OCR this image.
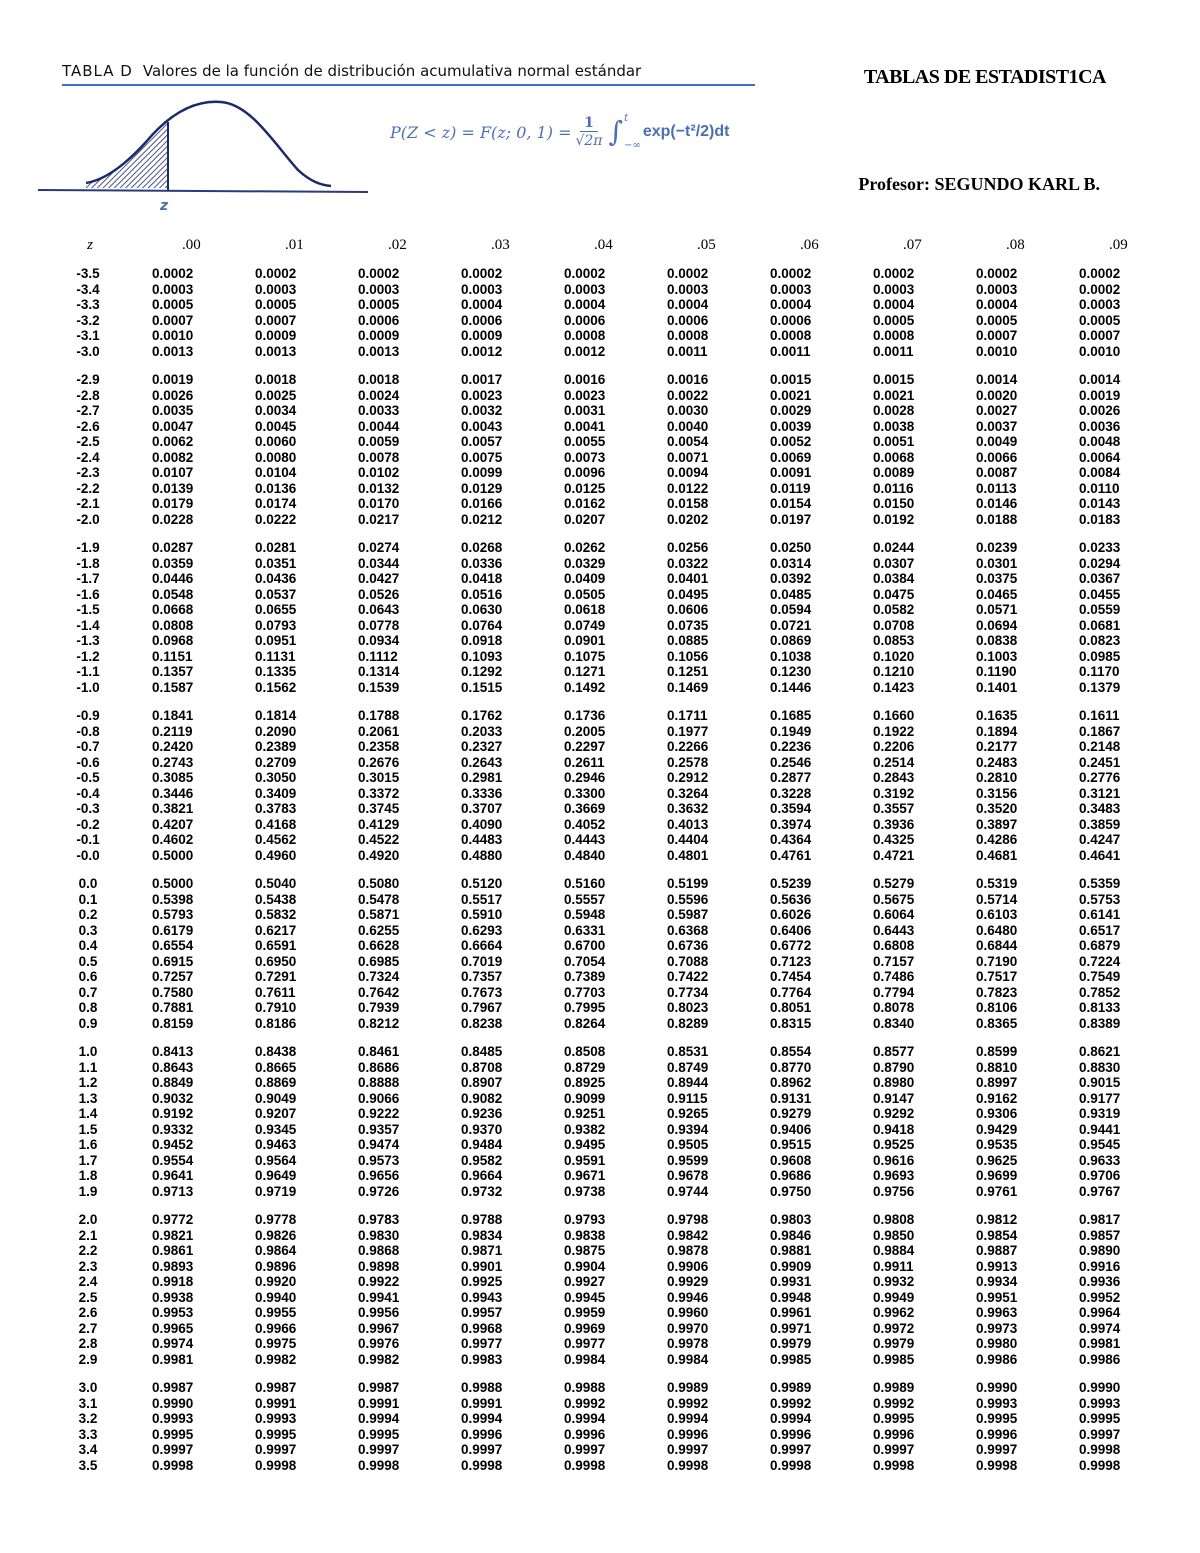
TABLA D Valores de la función de distribución acumulativa normal estándar	TABLAS DE ESTADIST1CA
z
P(Z < z) = F(z; 0, $1) = \frac{1}{√2\pi}$ ∫ t
−∞
exp(−t²/2)dt
Profesor: SEGUNDO KARL B.
z	.00	.01	.02	.03	.04	.05	.06	.07	.08	.09

-3.5	0.0002	0.0002	0.0002	0.0002	0.0002	0.0002	0.0002	0.0002	0.0002	0.0002
-3.4	0.0003	0.0003	0.0003	0.0003	0.0003	0.0003	0.0003	0.0003	0.0003	0.0002
-3.3	0.0005	0.0005	0.0005	0.0004	0.0004	0.0004	0.0004	0.0004	0.0004	0.0003
-3.2	0.0007	0.0007	0.0006	0.0006	0.0006	0.0006	0.0006	0.0005	0.0005	0.0005
-3.1	0.0010	0.0009	0.0009	0.0009	0.0008	0.0008	0.0008	0.0008	0.0007	0.0007
-3.0	0.0013	0.0013	0.0013	0.0012	0.0012	0.0011	0.0011	0.0011	0.0010	0.0010
-2.9	0.0019	0.0018	0.0018	0.0017	0.0016	0.0016	0.0015	0.0015	0.0014	0.0014
-2.8	0.0026	0.0025	0.0024	0.0023	0.0023	0.0022	0.0021	0.0021	0.0020	0.0019
-2.7	0.0035	0.0034	0.0033	0.0032	0.0031	0.0030	0.0029	0.0028	0.0027	0.0026
-2.6	0.0047	0.0045	0.0044	0.0043	0.0041	0.0040	0.0039	0.0038	0.0037	0.0036
-2.5	0.0062	0.0060	0.0059	0.0057	0.0055	0.0054	0.0052	0.0051	0.0049	0.0048
-2.4	0.0082	0.0080	0.0078	0.0075	0.0073	0.0071	0.0069	0.0068	0.0066	0.0064
-2.3	0.0107	0.0104	0.0102	0.0099	0.0096	0.0094	0.0091	0.0089	0.0087	0.0084
-2.2	0.0139	0.0136	0.0132	0.0129	0.0125	0.0122	0.0119	0.0116	0.0113	0.0110
-2.1	0.0179	0.0174	0.0170	0.0166	0.0162	0.0158	0.0154	0.0150	0.0146	0.0143
-2.0	0.0228	0.0222	0.0217	0.0212	0.0207	0.0202	0.0197	0.0192	0.0188	0.0183
-1.9	0.0287	0.0281	0.0274	0.0268	0.0262	0.0256	0.0250	0.0244	0.0239	0.0233
-1.8	0.0359	0.0351	0.0344	0.0336	0.0329	0.0322	0.0314	0.0307	0.0301	0.0294
-1.7	0.0446	0.0436	0.0427	0.0418	0.0409	0.0401	0.0392	0.0384	0.0375	0.0367
-1.6	0.0548	0.0537	0.0526	0.0516	0.0505	0.0495	0.0485	0.0475	0.0465	0.0455
-1.5	0.0668	0.0655	0.0643	0.0630	0.0618	0.0606	0.0594	0.0582	0.0571	0.0559
-1.4	0.0808	0.0793	0.0778	0.0764	0.0749	0.0735	0.0721	0.0708	0.0694	0.0681
-1.3	0.0968	0.0951	0.0934	0.0918	0.0901	0.0885	0.0869	0.0853	0.0838	0.0823
-1.2	0.1151	0.1131	0.1112	0.1093	0.1075	0.1056	0.1038	0.1020	0.1003	0.0985
-1.1	0.1357	0.1335	0.1314	0.1292	0.1271	0.1251	0.1230	0.1210	0.1190	0.1170
-1.0	0.1587	0.1562	0.1539	0.1515	0.1492	0.1469	0.1446	0.1423	0.1401	0.1379
-0.9	0.1841	0.1814	0.1788	0.1762	0.1736	0.1711	0.1685	0.1660	0.1635	0.1611
-0.8	0.2119	0.2090	0.2061	0.2033	0.2005	0.1977	0.1949	0.1922	0.1894	0.1867
-0.7	0.2420	0.2389	0.2358	0.2327	0.2297	0.2266	0.2236	0.2206	0.2177	0.2148
-0.6	0.2743	0.2709	0.2676	0.2643	0.2611	0.2578	0.2546	0.2514	0.2483	0.2451
-0.5	0.3085	0.3050	0.3015	0.2981	0.2946	0.2912	0.2877	0.2843	0.2810	0.2776
-0.4	0.3446	0.3409	0.3372	0.3336	0.3300	0.3264	0.3228	0.3192	0.3156	0.3121
-0.3	0.3821	0.3783	0.3745	0.3707	0.3669	0.3632	0.3594	0.3557	0.3520	0.3483
-0.2	0.4207	0.4168	0.4129	0.4090	0.4052	0.4013	0.3974	0.3936	0.3897	0.3859
-0.1	0.4602	0.4562	0.4522	0.4483	0.4443	0.4404	0.4364	0.4325	0.4286	0.4247
-0.0	0.5000	0.4960	0.4920	0.4880	0.4840	0.4801	0.4761	0.4721	0.4681	0.4641
0.0	0.5000	0.5040	0.5080	0.5120	0.5160	0.5199	0.5239	0.5279	0.5319	0.5359
0.1	0.5398	0.5438	0.5478	0.5517	0.5557	0.5596	0.5636	0.5675	0.5714	0.5753
0.2	0.5793	0.5832	0.5871	0.5910	0.5948	0.5987	0.6026	0.6064	0.6103	0.6141
0.3	0.6179	0.6217	0.6255	0.6293	0.6331	0.6368	0.6406	0.6443	0.6480	0.6517
0.4	0.6554	0.6591	0.6628	0.6664	0.6700	0.6736	0.6772	0.6808	0.6844	0.6879
0.5	0.6915	0.6950	0.6985	0.7019	0.7054	0.7088	0.7123	0.7157	0.7190	0.7224
0.6	0.7257	0.7291	0.7324	0.7357	0.7389	0.7422	0.7454	0.7486	0.7517	0.7549
0.7	0.7580	0.7611	0.7642	0.7673	0.7703	0.7734	0.7764	0.7794	0.7823	0.7852
0.8	0.7881	0.7910	0.7939	0.7967	0.7995	0.8023	0.8051	0.8078	0.8106	0.8133
0.9	0.8159	0.8186	0.8212	0.8238	0.8264	0.8289	0.8315	0.8340	0.8365	0.8389
1.0	0.8413	0.8438	0.8461	0.8485	0.8508	0.8531	0.8554	0.8577	0.8599	0.8621
1.1	0.8643	0.8665	0.8686	0.8708	0.8729	0.8749	0.8770	0.8790	0.8810	0.8830
1.2	0.8849	0.8869	0.8888	0.8907	0.8925	0.8944	0.8962	0.8980	0.8997	0.9015
1.3	0.9032	0.9049	0.9066	0.9082	0.9099	0.9115	0.9131	0.9147	0.9162	0.9177
1.4	0.9192	0.9207	0.9222	0.9236	0.9251	0.9265	0.9279	0.9292	0.9306	0.9319
1.5	0.9332	0.9345	0.9357	0.9370	0.9382	0.9394	0.9406	0.9418	0.9429	0.9441
1.6	0.9452	0.9463	0.9474	0.9484	0.9495	0.9505	0.9515	0.9525	0.9535	0.9545
1.7	0.9554	0.9564	0.9573	0.9582	0.9591	0.9599	0.9608	0.9616	0.9625	0.9633
1.8	0.9641	0.9649	0.9656	0.9664	0.9671	0.9678	0.9686	0.9693	0.9699	0.9706
1.9	0.9713	0.9719	0.9726	0.9732	0.9738	0.9744	0.9750	0.9756	0.9761	0.9767
2.0	0.9772	0.9778	0.9783	0.9788	0.9793	0.9798	0.9803	0.9808	0.9812	0.9817
2.1	0.9821	0.9826	0.9830	0.9834	0.9838	0.9842	0.9846	0.9850	0.9854	0.9857
2.2	0.9861	0.9864	0.9868	0.9871	0.9875	0.9878	0.9881	0.9884	0.9887	0.9890
2.3	0.9893	0.9896	0.9898	0.9901	0.9904	0.9906	0.9909	0.9911	0.9913	0.9916
2.4	0.9918	0.9920	0.9922	0.9925	0.9927	0.9929	0.9931	0.9932	0.9934	0.9936
2.5	0.9938	0.9940	0.9941	0.9943	0.9945	0.9946	0.9948	0.9949	0.9951	0.9952
2.6	0.9953	0.9955	0.9956	0.9957	0.9959	0.9960	0.9961	0.9962	0.9963	0.9964
2.7	0.9965	0.9966	0.9967	0.9968	0.9969	0.9970	0.9971	0.9972	0.9973	0.9974
2.8	0.9974	0.9975	0.9976	0.9977	0.9977	0.9978	0.9979	0.9979	0.9980	0.9981
2.9	0.9981	0.9982	0.9982	0.9983	0.9984	0.9984	0.9985	0.9985	0.9986	0.9986
3.0	0.9987	0.9987	0.9987	0.9988	0.9988	0.9989	0.9989	0.9989	0.9990	0.9990
3.1	0.9990	0.9991	0.9991	0.9991	0.9992	0.9992	0.9992	0.9992	0.9993	0.9993
3.2	0.9993	0.9993	0.9994	0.9994	0.9994	0.9994	0.9994	0.9995	0.9995	0.9995
3.3	0.9995	0.9995	0.9995	0.9996	0.9996	0.9996	0.9996	0.9996	0.9996	0.9997
3.4	0.9997	0.9997	0.9997	0.9997	0.9997	0.9997	0.9997	0.9997	0.9997	0.9998
3.5	0.9998	0.9998	0.9998	0.9998	0.9998	0.9998	0.9998	0.9998	0.9998	0.9998
